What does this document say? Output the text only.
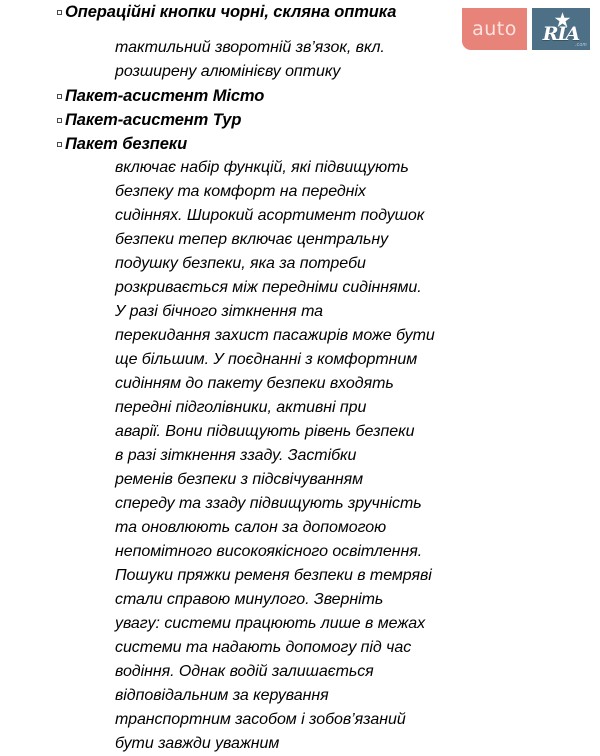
auto	RIA
.com
Операційні кнопки чорні, скляна оптика
тактильний зворотній зв’язок, вкл.
розширену алюмінієву оптику
Пакет-асистент Місто
Пакет-асистент Тур
Пакет безпеки
включає набір функцій, які підвищують
безпеку та комфорт на передніх
сидіннях. Широкий асортимент подушок
безпеки тепер включає центральну
подушку безпеки, яка за потреби
розкривається між передніми сидіннями.
У разі бічного зіткнення та
перекидання захист пасажирів може бути
ще більшим. У поєднанні з комфортним
сидінням до пакету безпеки входять
передні підголівники, активні при
аварії. Вони підвищують рівень безпеки
в разі зіткнення ззаду. Застібки
ременів безпеки з підсвічуванням
спереду та ззаду підвищують зручність
та оновлюють салон за допомогою
непомітного високоякісного освітлення.
Пошуки пряжки ременя безпеки в темряві
стали справою минулого. Зверніть
увагу: системи працюють лише в межах
системи та надають допомогу під час
водіння. Однак водій залишається
відповідальним за керування
транспортним засобом і зобов’язаний
бути завжди уважним
